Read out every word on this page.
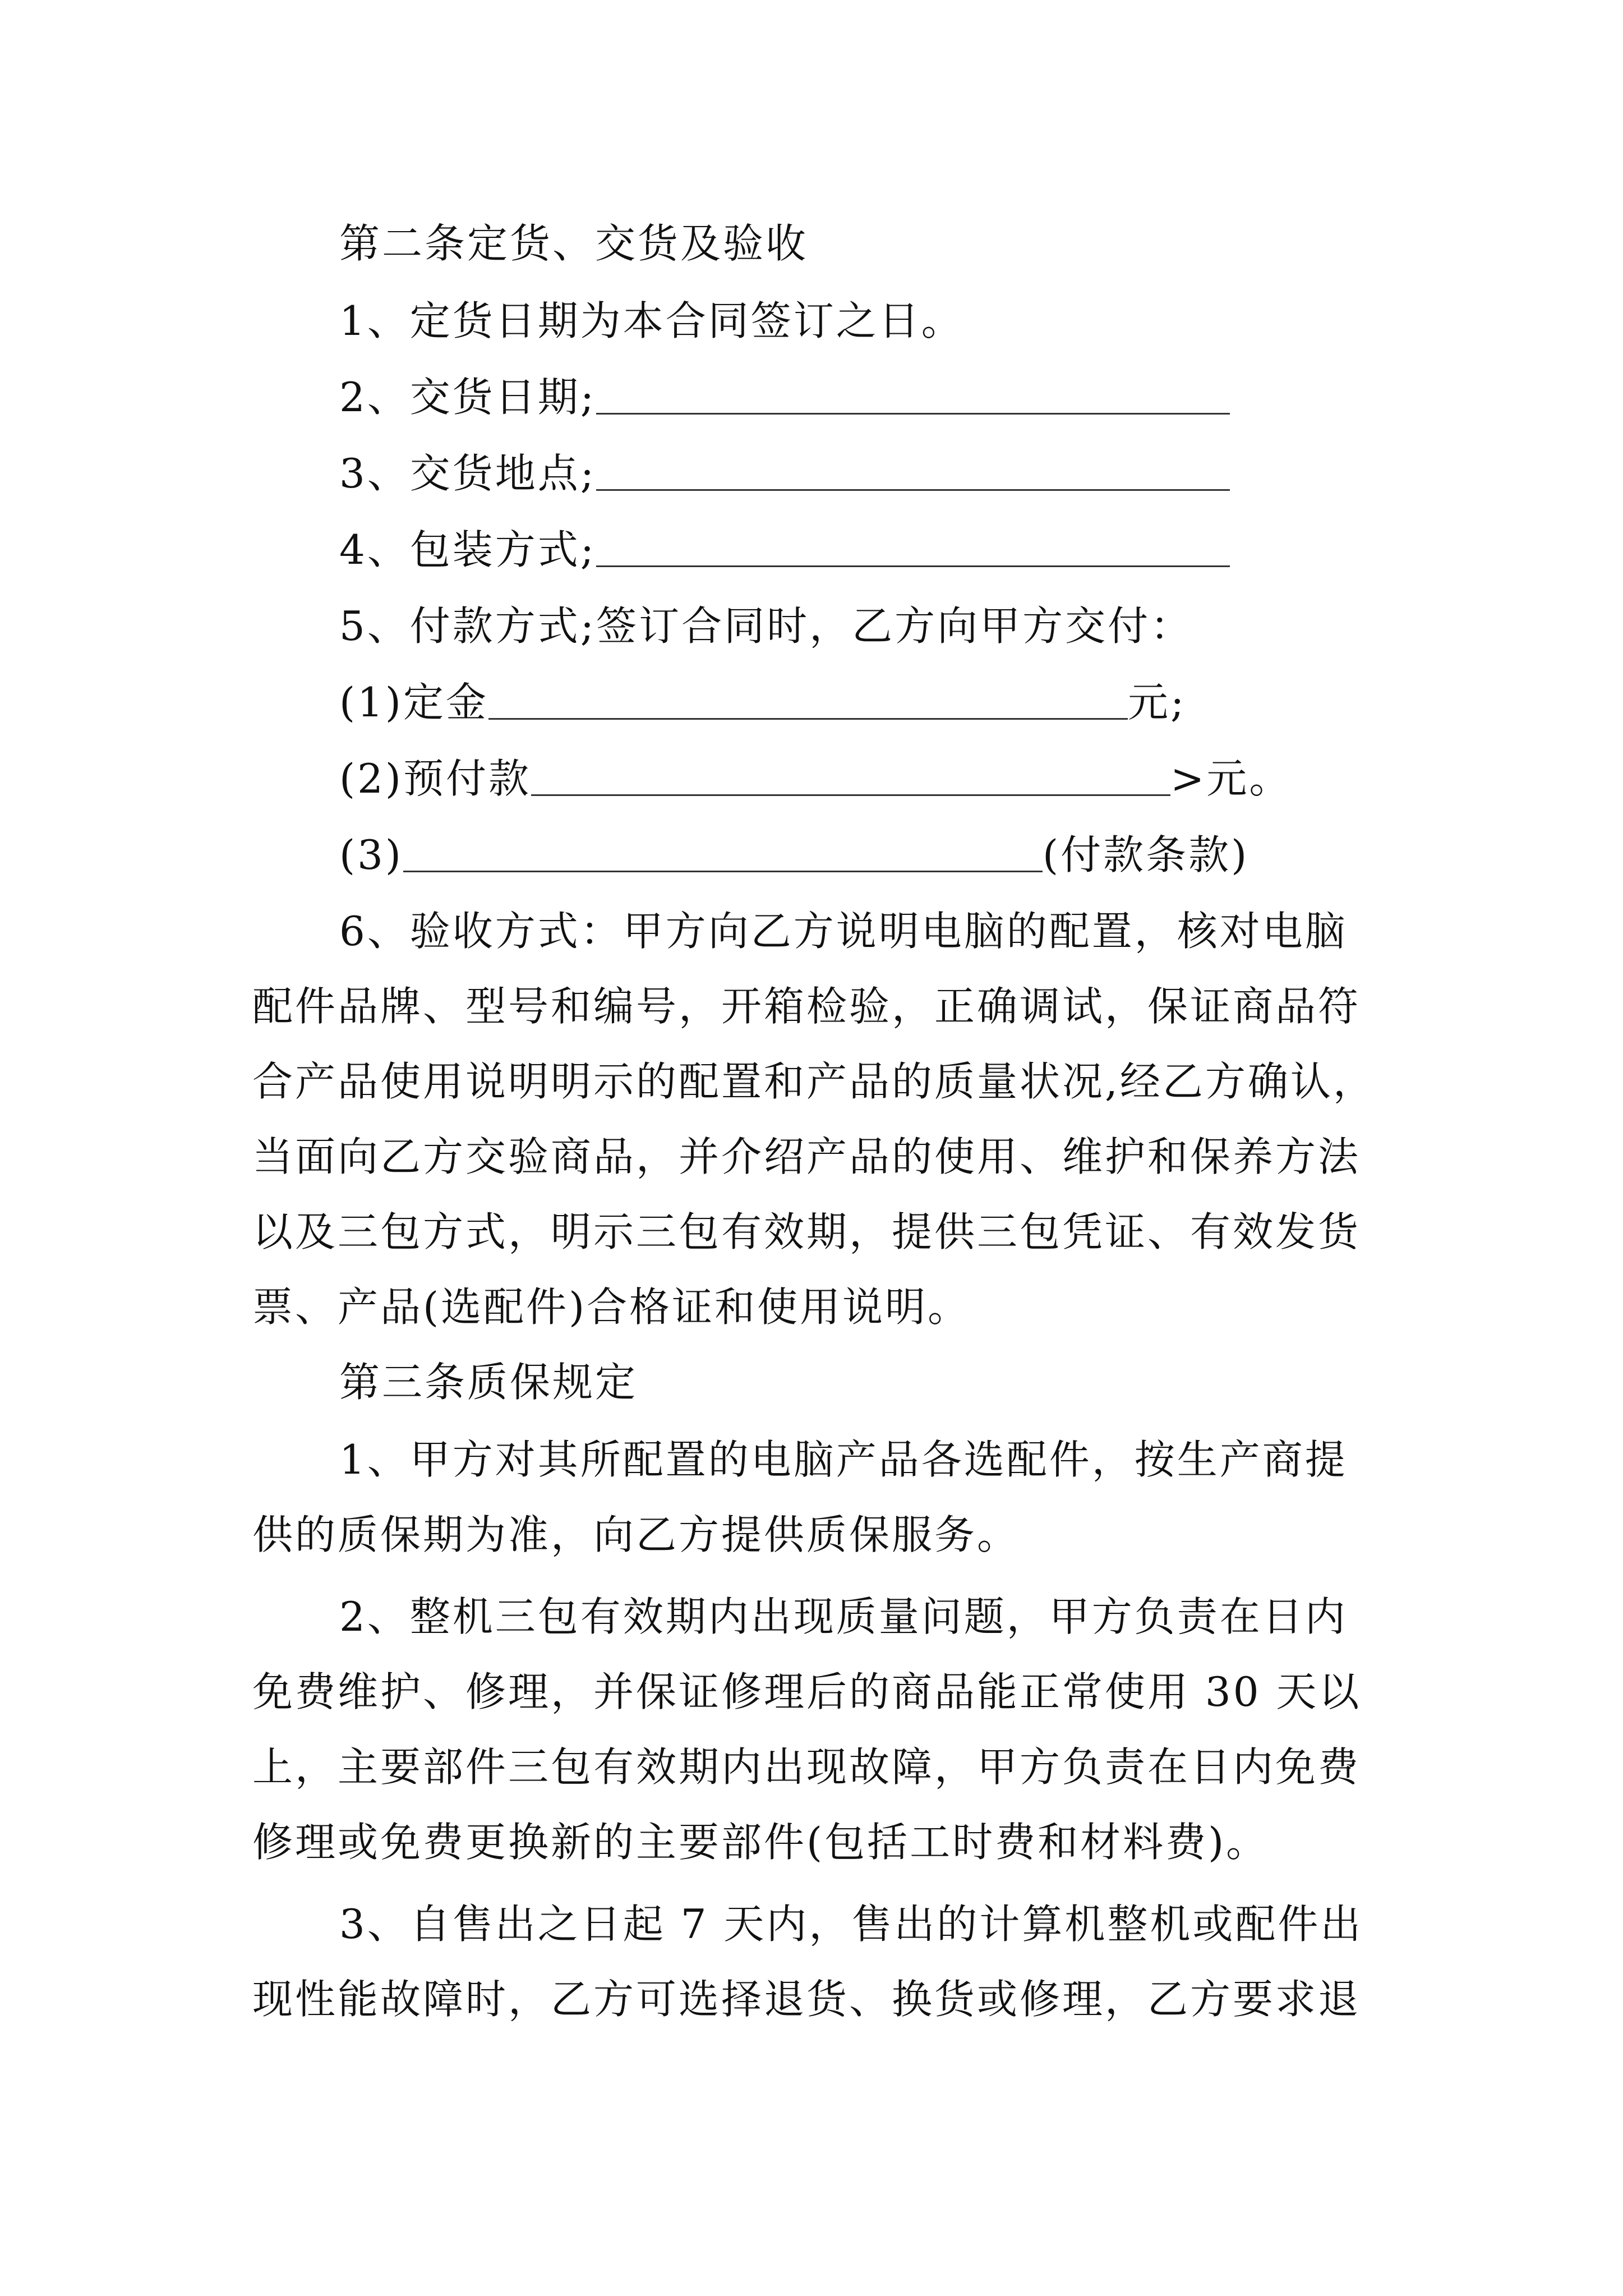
第二条定货、交货及验收
1、定货日期为本合同签订之日。
2、交货日期;
3、交货地点;
4、包装方式;
5、付款方式;签订合同时，乙方向甲方交付：
(1)定金	元;
(2)预付款	>元。
(3)	(付款条款)
6、验收方式：甲方向乙方说明电脑的配置，核对电脑
配件品牌、型号和编号，开箱检验，正确调试，保证商品符
合产品使用说明明示的配置和产品的质量状况,经乙方确认，
当面向乙方交验商品，并介绍产品的使用、维护和保养方法
以及三包方式，明示三包有效期，提供三包凭证、有效发货
票、产品(选配件)合格证和使用说明。
第三条质保规定
1、甲方对其所配置的电脑产品各选配件，按生产商提
供的质保期为准，向乙方提供质保服务。
2、整机三包有效期内出现质量问题，甲方负责在日内
免费维护、修理，并保证修理后的商品能正常使用 30 天以
上，主要部件三包有效期内出现故障，甲方负责在日内免费
修理或免费更换新的主要部件(包括工时费和材料费)。
3、自售出之日起 7 天内，售出的计算机整机或配件出
现性能故障时，乙方可选择退货、换货或修理，乙方要求退
